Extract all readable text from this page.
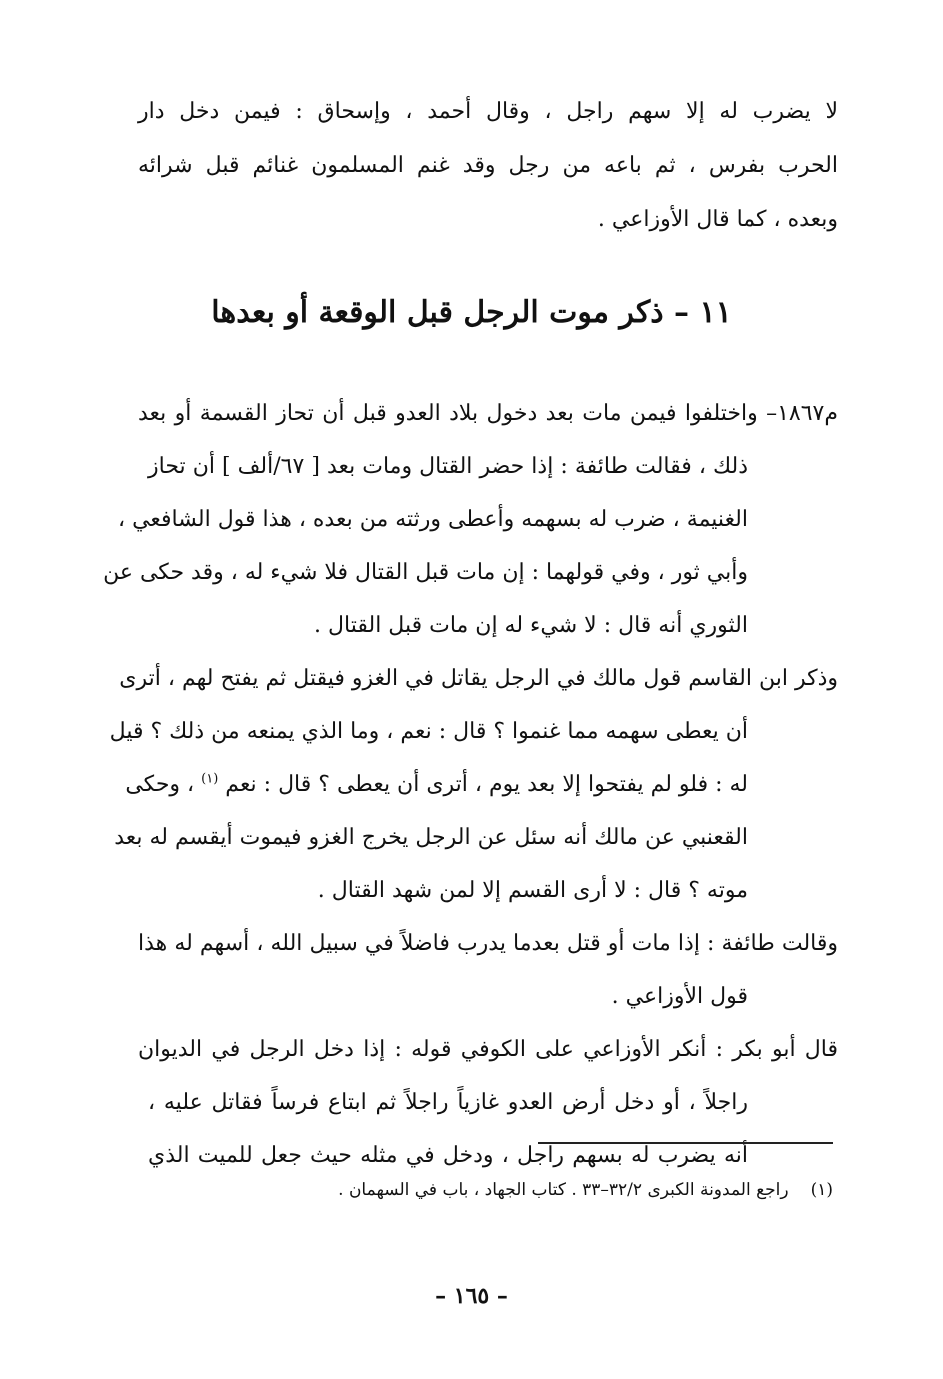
لا يضرب له إلا سهم راجل ، وقال أحمد ، وإسحاق : فيمن دخل دار
الحرب بفرس ، ثم باعه من رجل وقد غنم المسلمون غنائم قبل شرائه
وبعده ، كما قال الأوزاعي .
١١ – ذكر موت الرجل قبل الوقعة أو بعدها
م١٨٦٧– واختلفوا فيمن مات بعد دخول بلاد العدو قبل أن تحاز القسمة أو بعد
ذلك ، فقالت طائفة : إذا حضر القتال ومات بعد [ ٦٧/ألف ] أن تحاز
الغنيمة ، ضرب له بسهمه وأعطى ورثته من بعده ، هذا قول الشافعي ،
وأبي ثور ، وفي قولهما : إن مات قبل القتال فلا شيء له ، وقد حكى عن
الثوري أنه قال : لا شيء له إن مات قبل القتال .
وذكر ابن القاسم قول مالك في الرجل يقاتل في الغزو فيقتل ثم يفتح لهم ، أترى
أن يعطى سهمه مما غنموا ؟ قال : نعم ، وما الذي يمنعه من ذلك ؟ قيل
له : فلو لم يفتحوا إلا بعد يوم ، أترى أن يعطى ؟ قال : نعم $^{(١)}$ ، وحكى
القعنبي عن مالك أنه سئل عن الرجل يخرج الغزو فيموت أيقسم له بعد
موته ؟ قال : لا أرى القسم إلا لمن شهد القتال .
وقالت طائفة : إذا مات أو قتل بعدما يدرب فاضلاً في سبيل الله ، أسهم له هذا
قول الأوزاعي .
قال أبو بكر : أنكر الأوزاعي على الكوفي قوله : إذا دخل الرجل في الديوان
راجلاً ، أو دخل أرض العدو غازياً راجلاً ثم ابتاع فرساً فقاتل عليه ،
أنه يضرب له بسهم راجل ، ودخل في مثله حيث جعل للميت الذي
(١)راجع المدونة الكبرى ٣٢/٢–٣٣ . كتاب الجهاد ، باب في السهمان .
– ١٦٥ –
